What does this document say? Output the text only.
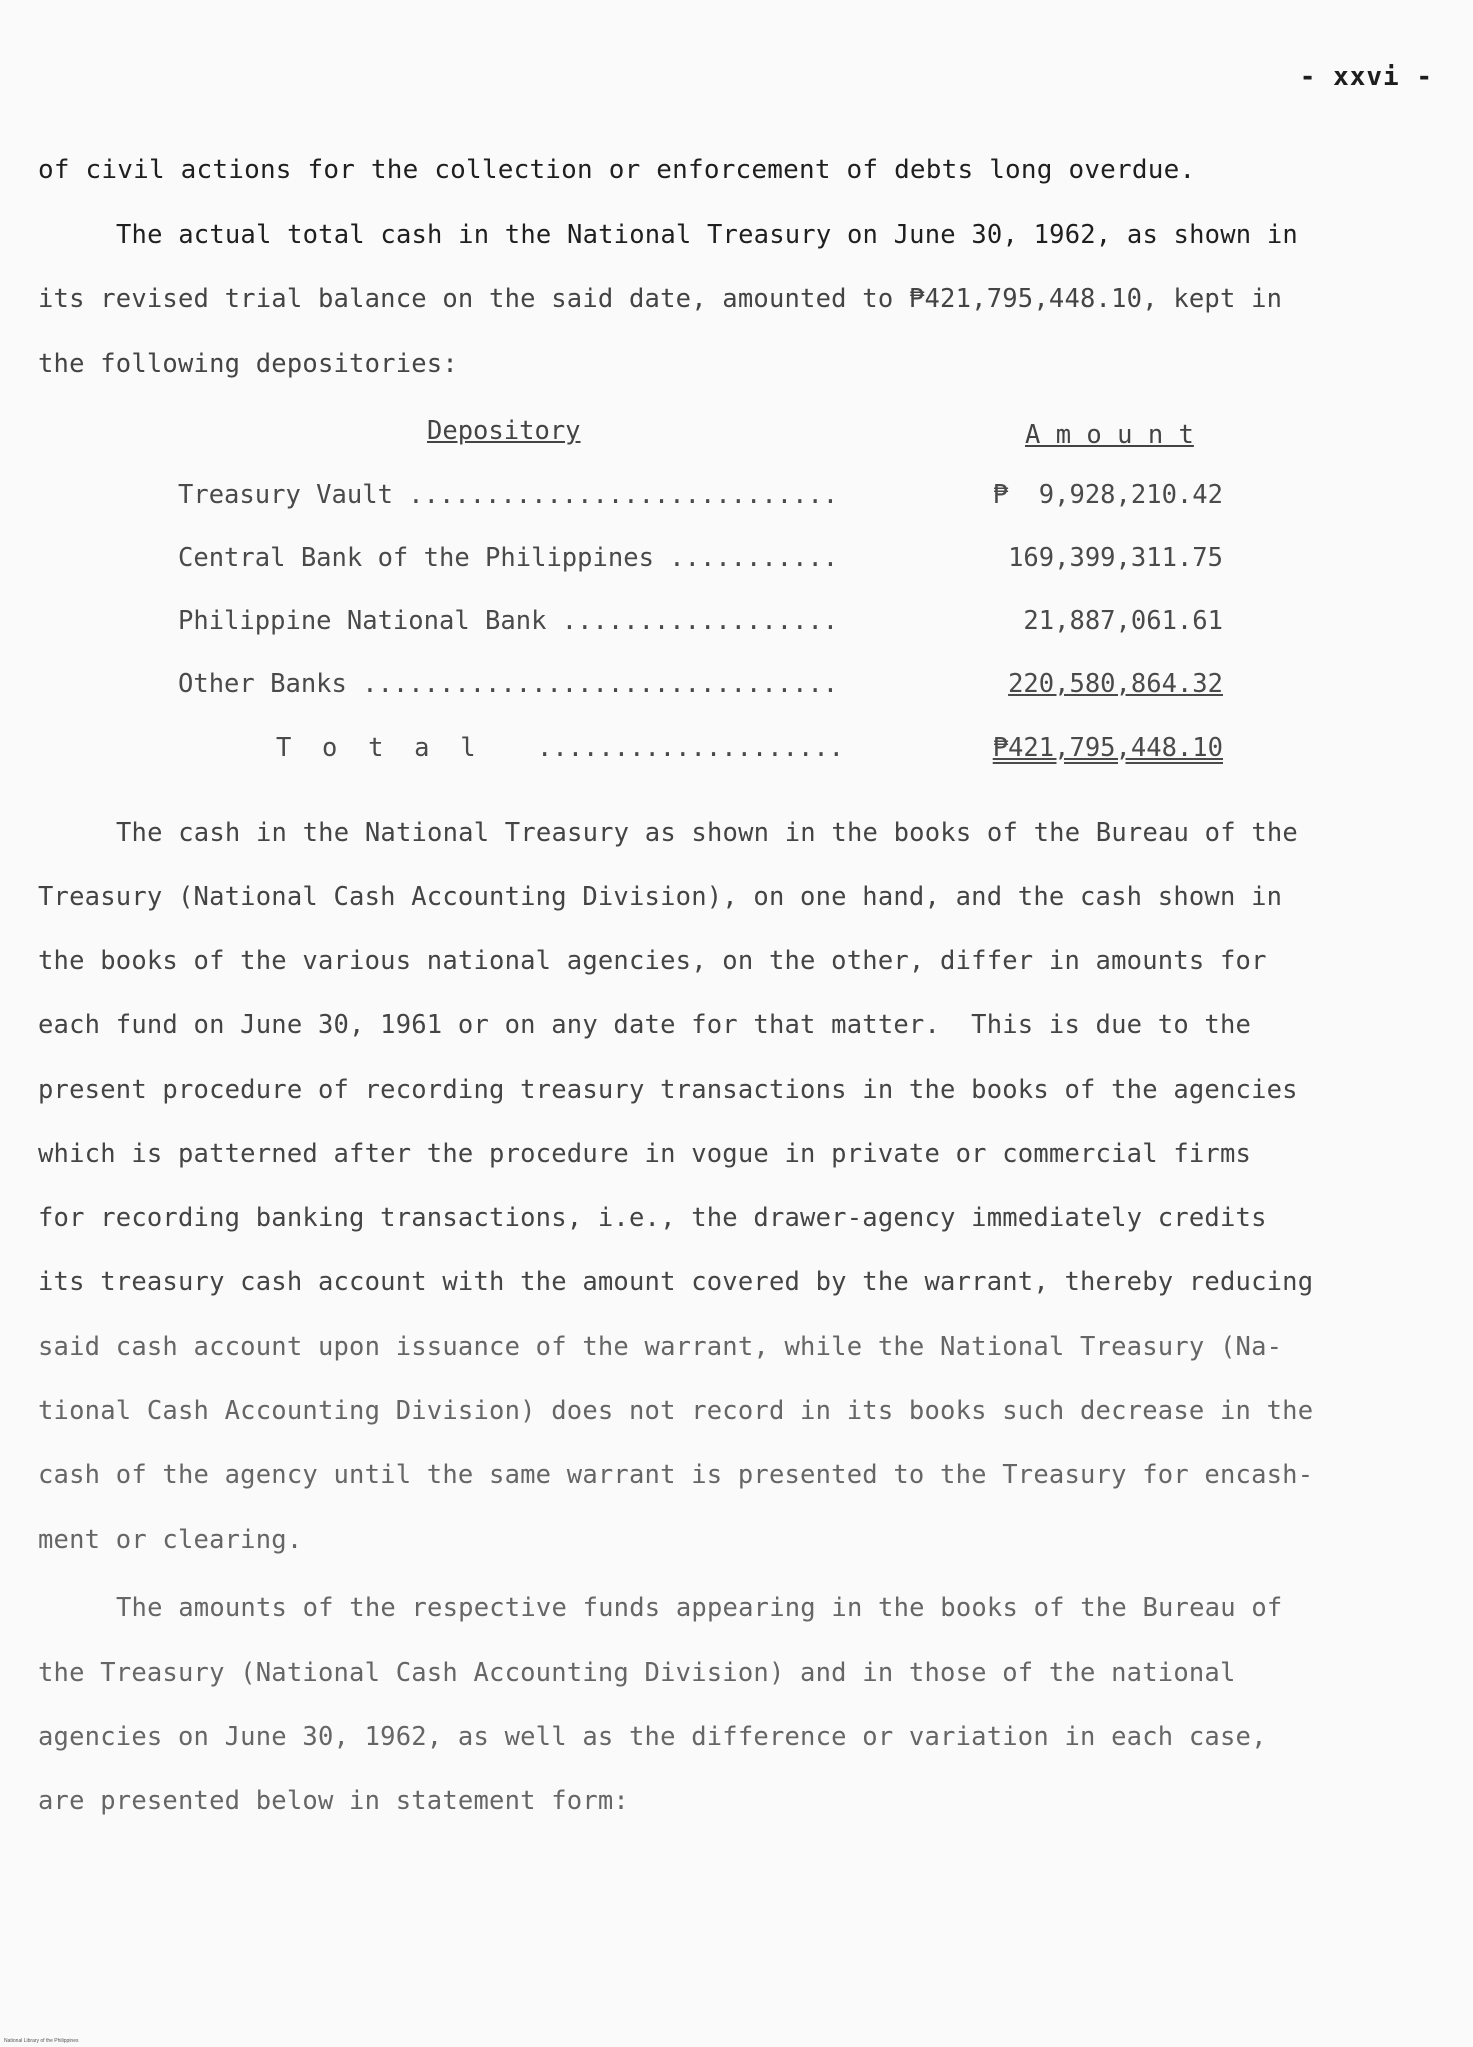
- xxvi -
of civil actions for the collection or enforcement of debts long overdue.
The actual total cash in the National Treasury on June 30, 1962, as shown in
its revised trial balance on the said date, amounted to ₱421,795,448.10, kept in
the following depositories:
Depository	A m o u n t
Treasury Vault ............................	₱  9,928,210.42
Central Bank of the Philippines ...........	169,399,311.75
Philippine National Bank ..................	21,887,061.61
Other Banks ...............................	220,580,864.32
T  o  t  a  l    ....................	₱421,795,448.10
The cash in the National Treasury as shown in the books of the Bureau of the
Treasury (National Cash Accounting Division), on one hand, and the cash shown in
the books of the various national agencies, on the other, differ in amounts for
each fund on June 30, 1961 or on any date for that matter.  This is due to the
present procedure of recording treasury transactions in the books of the agencies
which is patterned after the procedure in vogue in private or commercial firms
for recording banking transactions, i.e., the drawer-agency immediately credits
its treasury cash account with the amount covered by the warrant, thereby reducing
said cash account upon issuance of the warrant, while the National Treasury (Na-
tional Cash Accounting Division) does not record in its books such decrease in the
cash of the agency until the same warrant is presented to the Treasury for encash-
ment or clearing.
The amounts of the respective funds appearing in the books of the Bureau of
the Treasury (National Cash Accounting Division) and in those of the national
agencies on June 30, 1962, as well as the difference or variation in each case,
are presented below in statement form:
National Library of the Philippines
